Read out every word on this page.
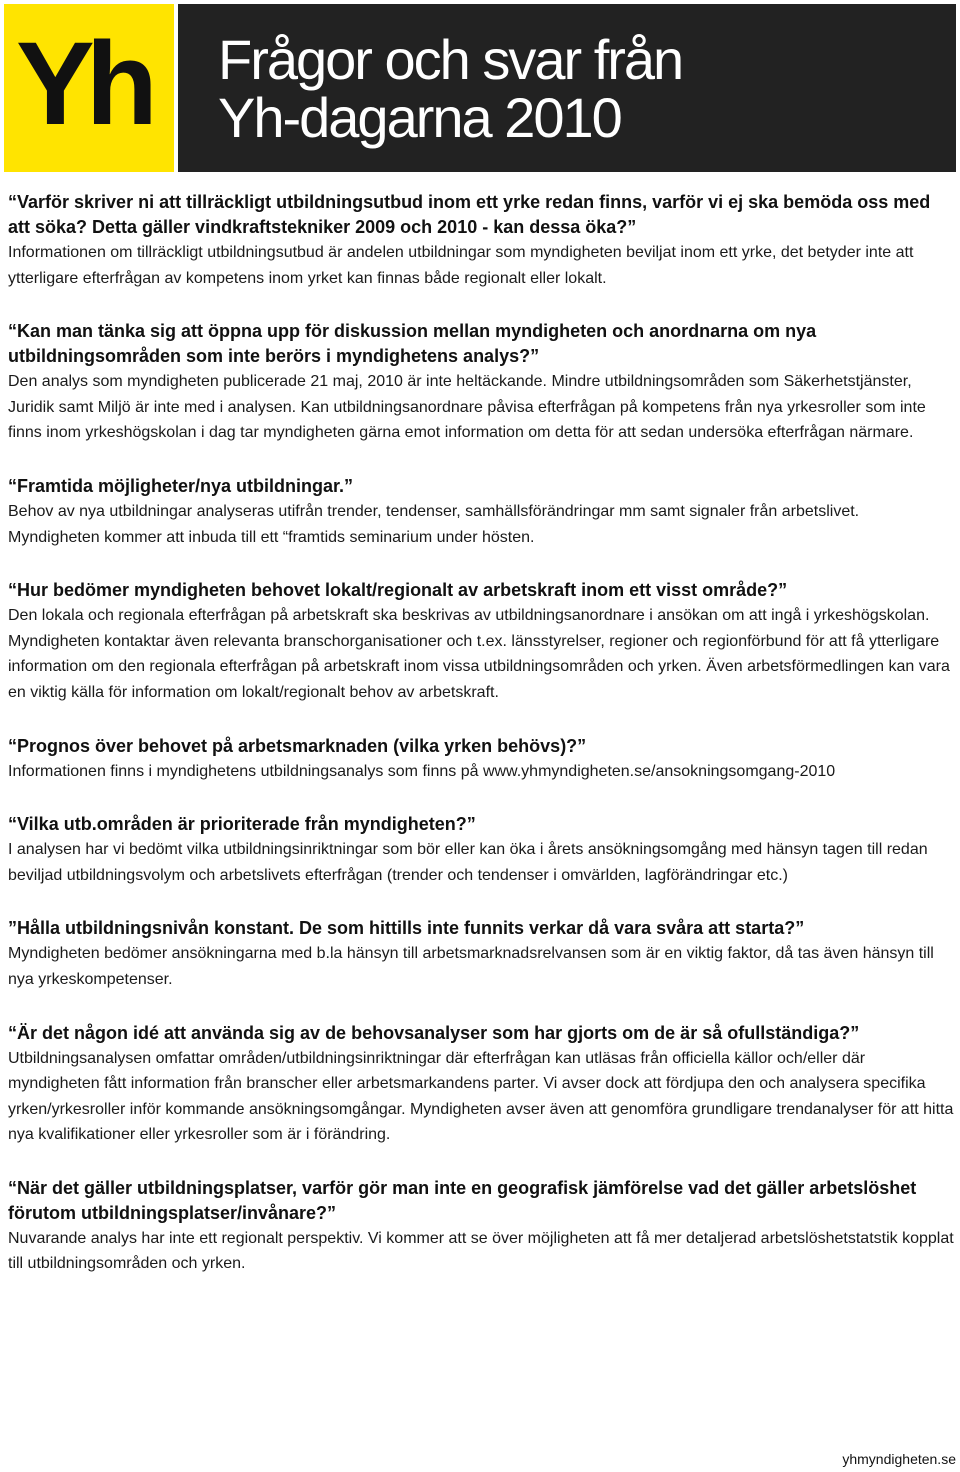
Yh Frågor och svar från
Yh-dagarna 2010

“Varför skriver ni att tillräckligt utbildningsutbud inom ett yrke redan finns, varför vi ej ska bemöda oss med att söka? Detta gäller vindkraftstekniker 2009 och 2010 - kan dessa öka?”

Informationen om tillräckligt utbildningsutbud är andelen utbildningar som myndigheten beviljat inom ett yrke, det betyder inte att ytterligare efterfrågan av kompetens inom yrket kan finnas både regionalt eller lokalt.

“Kan man tänka sig att öppna upp för diskussion mellan myndigheten och anordnarna om nya utbildningsområden som inte berörs i myndighetens analys?”

Den analys som myndigheten publicerade 21 maj, 2010 är inte heltäckande. Mindre utbildningsområden som Säkerhetstjänster, Juridik samt Miljö är inte med i analysen. Kan utbildningsanordnare påvisa efterfrågan på kompetens från nya yrkesroller som inte finns inom yrkeshögskolan i dag tar myndigheten gärna emot information om detta för att sedan undersöka efterfrågan närmare.

“Framtida möjligheter/nya utbildningar.”

Behov av nya utbildningar analyseras utifrån trender, tendenser, samhällsförändringar mm samt signaler från arbetslivet. Myndigheten kommer att inbuda till ett “framtids seminarium under hösten.

“Hur bedömer myndigheten behovet lokalt/regionalt av arbetskraft inom ett visst område?”

Den lokala och regionala efterfrågan på arbetskraft ska beskrivas av utbildningsanordnare i ansökan om att ingå i yrkeshögskolan. Myndigheten kontaktar även relevanta branschorganisationer och t.ex. länsstyrelser, regioner och regionförbund för att få ytterligare information om den regionala efterfrågan på arbetskraft inom vissa utbildningsområden och yrken. Även arbetsförmedlingen kan vara en viktig källa för information om lokalt/regionalt behov av arbetskraft.

“Prognos över behovet på arbetsmarknaden (vilka yrken behövs)?”

Informationen finns i myndighetens utbildningsanalys som finns på www.yhmyndigheten.se/ansokningsomgang-2010

“Vilka utb.områden är prioriterade från myndigheten?”

I analysen har vi bedömt vilka utbildningsinriktningar som bör eller kan öka i årets ansökningsomgång med hänsyn tagen till redan beviljad utbildningsvolym och arbetslivets efterfrågan (trender och tendenser i omvärlden, lagförändringar etc.)

”Hålla utbildningsnivån konstant. De som hittills inte funnits verkar då vara svåra att starta?”

Myndigheten bedömer ansökningarna med b.la hänsyn till arbetsmarknadsrelvansen som är en viktig faktor, då tas även hänsyn till nya yrkeskompetenser.

“Är det någon idé att använda sig av de behovsanalyser som har gjorts om de är så ofullständiga?”

Utbildningsanalysen omfattar områden/utbildningsinriktningar där efterfrågan kan utläsas från officiella källor och/eller där myndigheten fått information från branscher eller arbetsmarkandens parter. Vi avser dock att fördjupa den och analysera specifika yrken/yrkesroller inför kommande ansökningsomgångar. Myndigheten avser även att genomföra grundligare trendanalyser för att hitta nya kvalifikationer eller yrkesroller som är i förändring.

“När det gäller utbildningsplatser, varför gör man inte en geografisk jämförelse vad det gäller arbetslöshet förutom utbildningsplatser/invånare?”

Nuvarande analys har inte ett regionalt perspektiv. Vi kommer att se över möjligheten att få mer detaljerad arbetslöshetstatstik kopplat till utbildningsområden och yrken.

yhmyndigheten.se
